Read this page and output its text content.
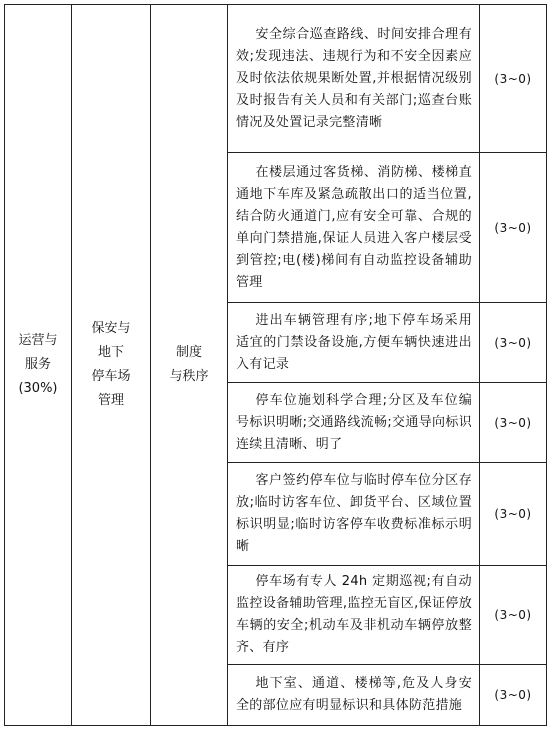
运营与
服务
(30%)	保安与
地下
停车场
管理	制度
与秩序	安全综合巡查路线、时间安排合理有效;发现违法、违规行为和不安全因素应及时依法依规果断处置,并根据情况级别及时报告有关人员和有关部门;巡查台账情况及处置记录完整清晰	(3~0)

			在楼层通过客货梯、消防梯、楼梯直通地下车库及紧急疏散出口的适当位置,结合防火通道门,应有安全可靠、合规的单向门禁措施,保证人员进入客户楼层受到管控;电(楼)梯间有自动监控设备辅助管理	(3~0)

			进出车辆管理有序;地下停车场采用适宜的门禁设备设施,方便车辆快速进出入有记录	(3~0)

			停车位施划科学合理;分区及车位编号标识明晰;交通路线流畅;交通导向标识连续且清晰、明了	(3~0)

			客户签约停车位与临时停车位分区存放;临时访客车位、卸货平台、区域位置标识明显;临时访客停车收费标准标示明晰	(3~0)

			停车场有专人 24h 定期巡视;有自动监控设备辅助管理,监控无盲区,保证停放车辆的安全;机动车及非机动车辆停放整齐、有序	(3~0)

			地下室、通道、楼梯等,危及人身安全的部位应有明显标识和具体防范措施	(3~0)
